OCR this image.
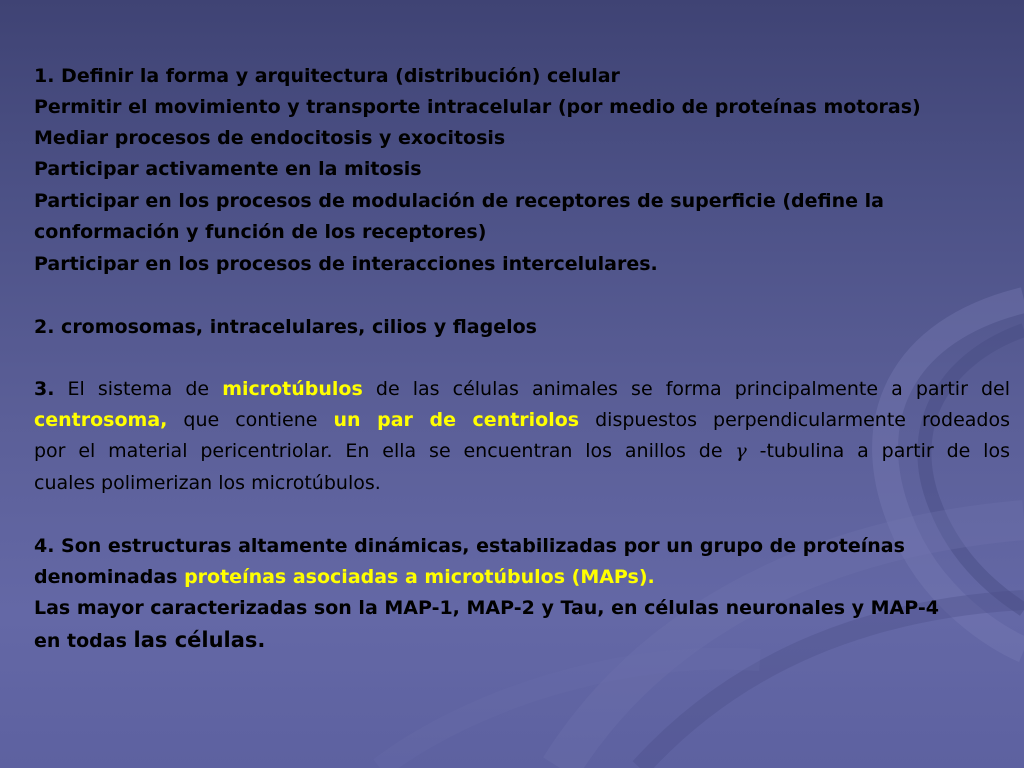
1. Definir la forma y arquitectura (distribución) celular
Permitir el movimiento y transporte intracelular (por medio de proteínas motoras)
Mediar procesos de endocitosis y exocitosis
Participar activamente en la mitosis
Participar en los procesos de modulación de receptores de superficie (define la
conformación y función de los receptores)
Participar en los procesos de interacciones intercelulares.
2. cromosomas, intracelulares, cilios y flagelos
3. El sistema de microtúbulos de las células animales se forma principalmente a partir del
centrosoma, que contiene un par de centriolos dispuestos perpendicularmente rodeados
por el material pericentriolar. En ella se encuentran los anillos de γ -tubulina a partir de los
cuales polimerizan los microtúbulos.
4. Son estructuras altamente dinámicas, estabilizadas por un grupo de proteínas
denominadas proteínas asociadas a microtúbulos (MAPs).
Las mayor caracterizadas son la MAP-1, MAP-2 y Tau, en células neuronales y MAP-4
en todas las células.
